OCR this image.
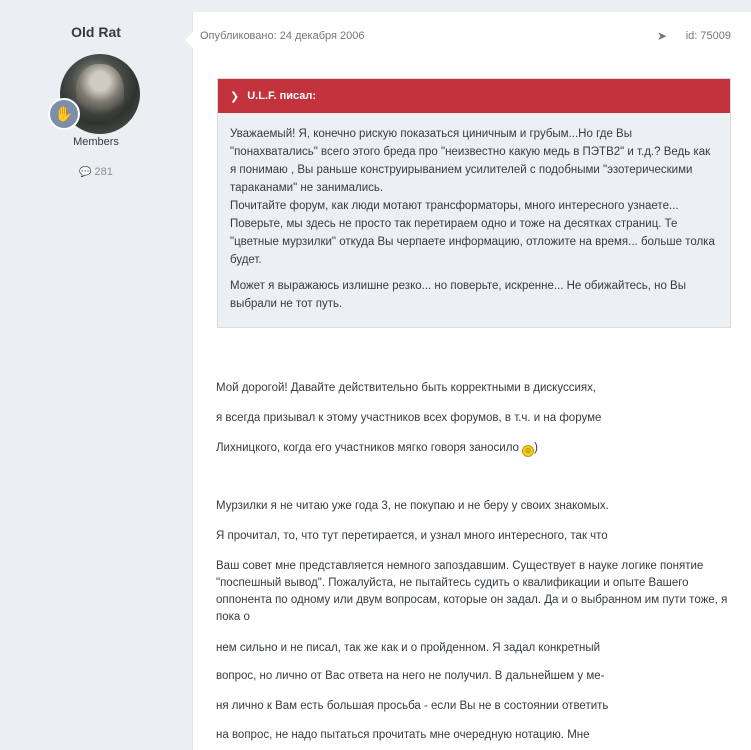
Old Rat
✋
Members
💬 281
Опубликовано: 24 декабря 2006	➤ id: 75009
❯ U.L.F. писал:

Уважаемый! Я, конечно рискую показаться циничным и грубым...Но где Вы "понахватались" всего этого бреда про "неизвестно какую медь в ПЭТВ2" и т.д.? Ведь как я понимаю , Вы раньше конструирыванием усилителей с подобными "эзотерическими тараканами" не занимались.
Почитайте форум, как люди мотают трансформаторы, много интересного узнаете... Поверьте, мы здесь не просто так перетираем одно и тоже на десятках страниц. Те "цветные мурзилки" откуда Вы черпаете информацию, отложите на время... больше толка будет.

Может я выражаюсь излишне резко... но поверьте, искренне... Не обижайтесь, но Вы выбрали не тот путь.

Мой дорогой! Давайте действительно быть корректными в дискуссиях,

я всегда призывал к этому участников всех форумов, в т.ч. и на форуме

Лихницкого, когда его участников мягко говоря заносило ☺ )

Мурзилки я не читаю уже года 3, не покупаю и не беру у своих знакомых.

Я прочитал, то, что тут перетирается, и узнал много интересного, так что

Ваш совет мне представляется немного запоздавшим. Существует в науке логике понятие "поспешный вывод". Пожалуйста, не пытайтесь судить о квалификации и опыте Вашего оппонента по одному или двум вопросам, которые он задал. Да и о выбранном им пути тоже, я пока о

нем сильно и не писал, так же как и о пройденном. Я задал конкретный

вопрос, но лично от Вас ответа на него не получил. В дальнейшем у ме-

ня лично к Вам есть большая просьба - если Вы не в состоянии ответить

на вопрос, не надо пытаться прочитать мне очередную нотацию. Мне
